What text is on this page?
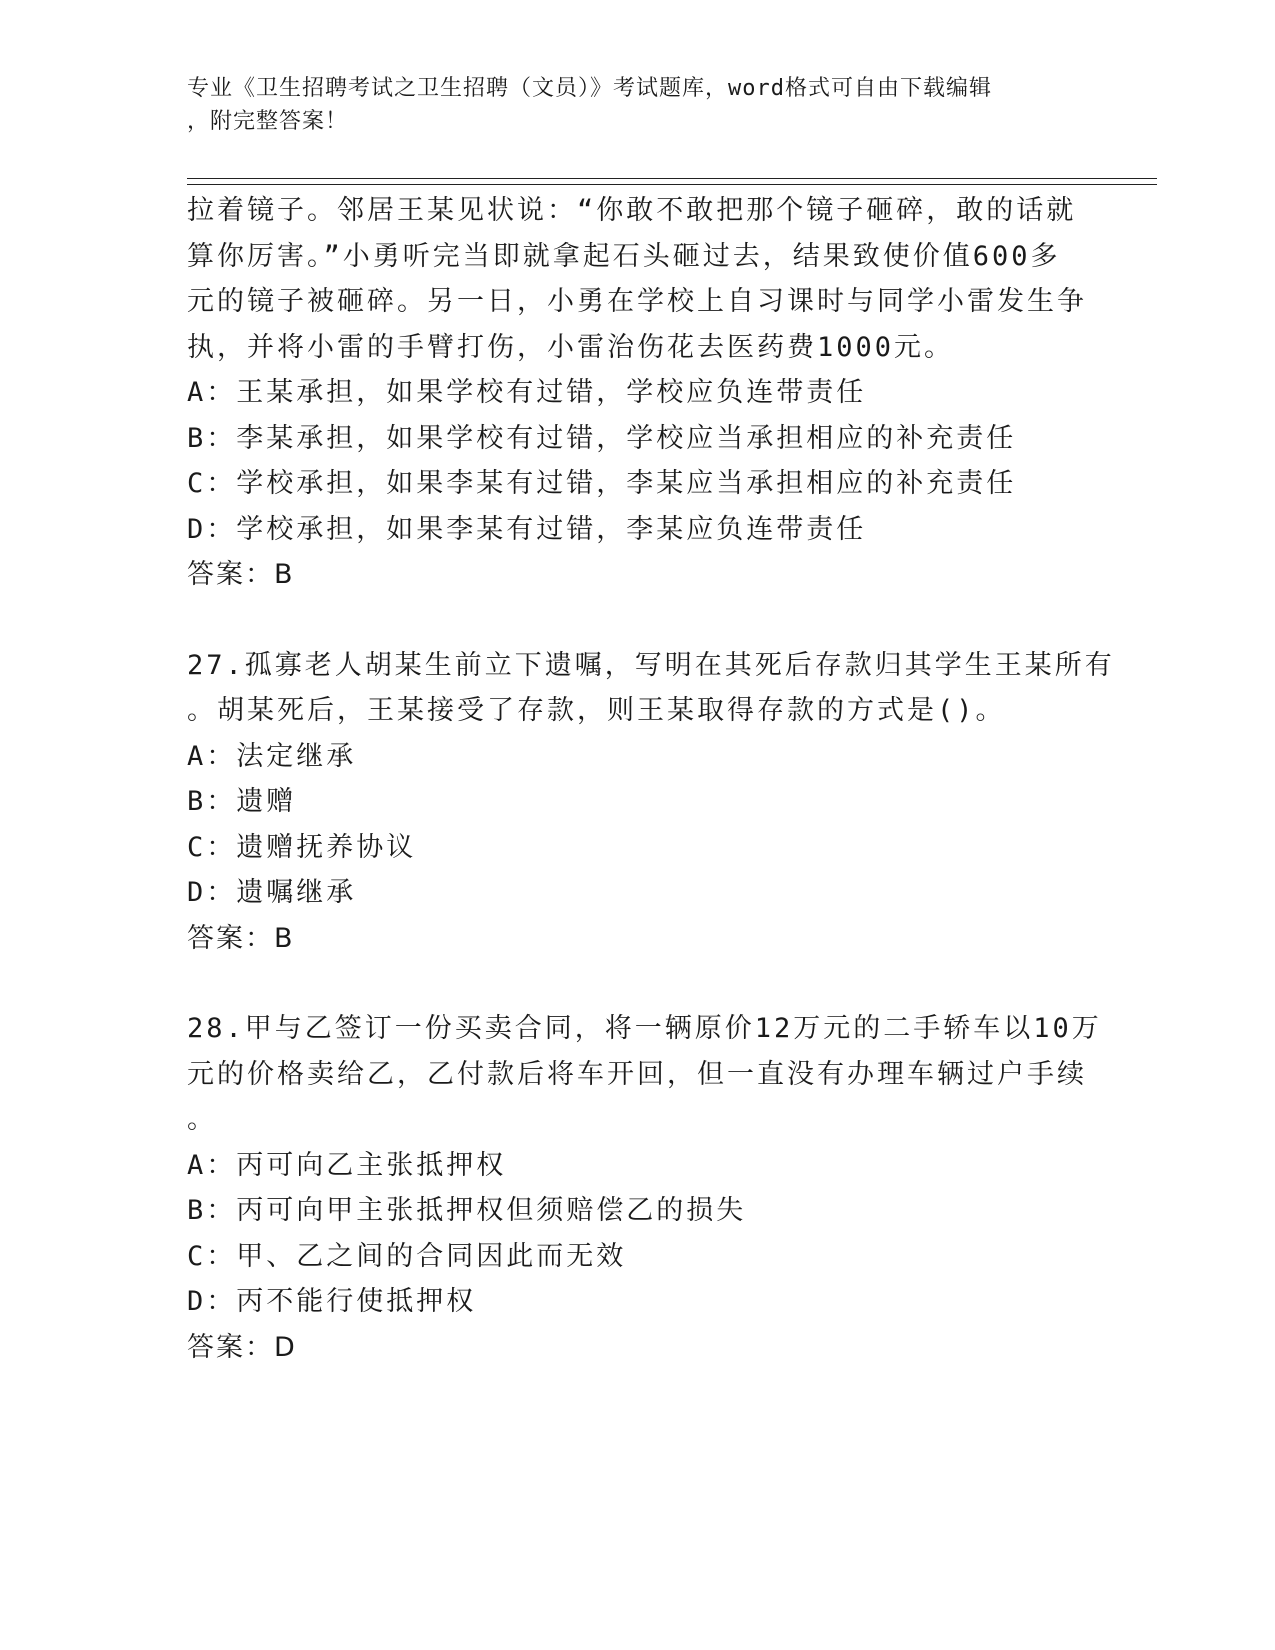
专业《卫生招聘考试之卫生招聘（文员）》考试题库，word格式可自由下载编辑
，附完整答案！
拉着镜子。邻居王某见状说：“你敢不敢把那个镜子砸碎，敢的话就
算你厉害。”小勇听完当即就拿起石头砸过去，结果致使价值600多
元的镜子被砸碎。另一日，小勇在学校上自习课时与同学小雷发生争
执，并将小雷的手臂打伤，小雷治伤花去医药费1000元。
A：王某承担，如果学校有过错，学校应负连带责任
B：李某承担，如果学校有过错，学校应当承担相应的补充责任
C：学校承担，如果李某有过错，李某应当承担相应的补充责任
D：学校承担，如果李某有过错，李某应负连带责任
答案：B
27.孤寡老人胡某生前立下遗嘱，写明在其死后存款归其学生王某所有
。胡某死后，王某接受了存款，则王某取得存款的方式是()。
A：法定继承
B：遗赠
C：遗赠抚养协议
D：遗嘱继承
答案：B
28.甲与乙签订一份买卖合同，将一辆原价12万元的二手轿车以10万
元的价格卖给乙，乙付款后将车开回，但一直没有办理车辆过户手续
。
A：丙可向乙主张抵押权
B：丙可向甲主张抵押权但须赔偿乙的损失
C：甲、乙之间的合同因此而无效
D：丙不能行使抵押权
答案：D
